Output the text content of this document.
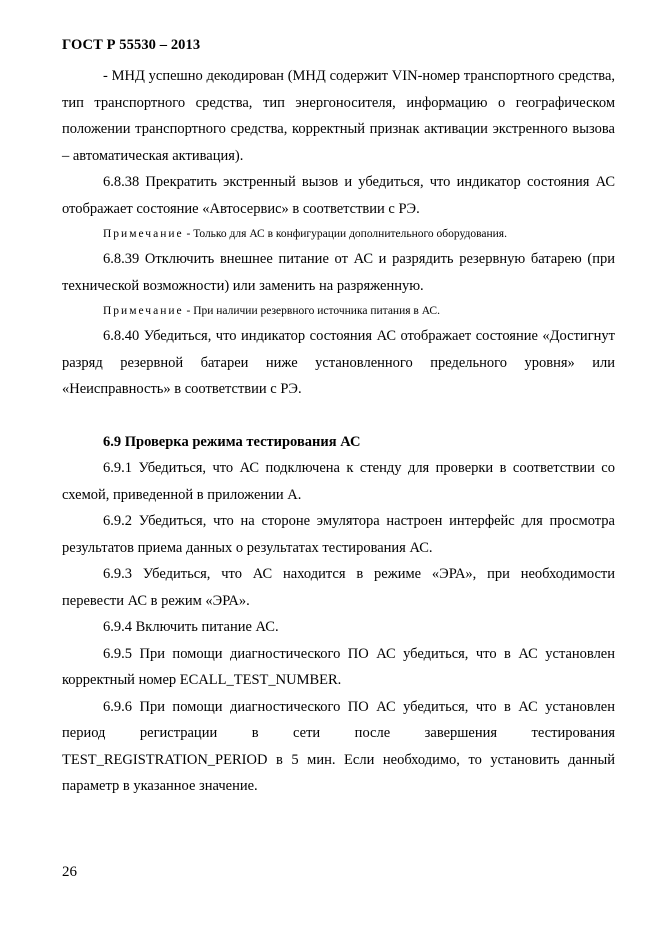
ГОСТ Р 55530 – 2013

- МНД успешно декодирован (МНД содержит VIN-номер транспортного средства, тип транспортного средства, тип энергоносителя, информацию о географическом положении транспортного средства, корректный признак активации экстренного вызова – автоматическая активация).

6.8.38 Прекратить экстренный вызов и убедиться, что индикатор состояния АС отображает состояние «Автосервис» в соответствии с РЭ.

Примечание - Только для АС в конфигурации дополнительного оборудования.

6.8.39 Отключить внешнее питание от АС и разрядить резервную батарею (при технической возможности) или заменить на разряженную.

Примечание - При наличии резервного источника питания в АС.

6.8.40 Убедиться, что индикатор состояния АС отображает состояние «Достигнут разряд резервной батареи ниже установленного предельного уровня» или «Неисправность» в соответствии с РЭ.

6.9 Проверка режима тестирования АС

6.9.1 Убедиться, что АС подключена к стенду для проверки в соответствии со схемой, приведенной в приложении А.

6.9.2 Убедиться, что на стороне эмулятора настроен интерфейс для просмотра результатов приема данных о результатах тестирования АС.

6.9.3 Убедиться, что АС находится в режиме «ЭРА», при необходимости перевести АС в режим «ЭРА».

6.9.4 Включить питание АС.

6.9.5 При помощи диагностического ПО АС убедиться, что в АС установлен корректный номер ECALL_TEST_NUMBER.

6.9.6 При помощи диагностического ПО АС убедиться, что в АС установлен период регистрации в сети после завершения тестирования TEST_REGISTRATION_PERIOD в 5 мин. Если необходимо, то установить данный параметр в указанное значение.

26
